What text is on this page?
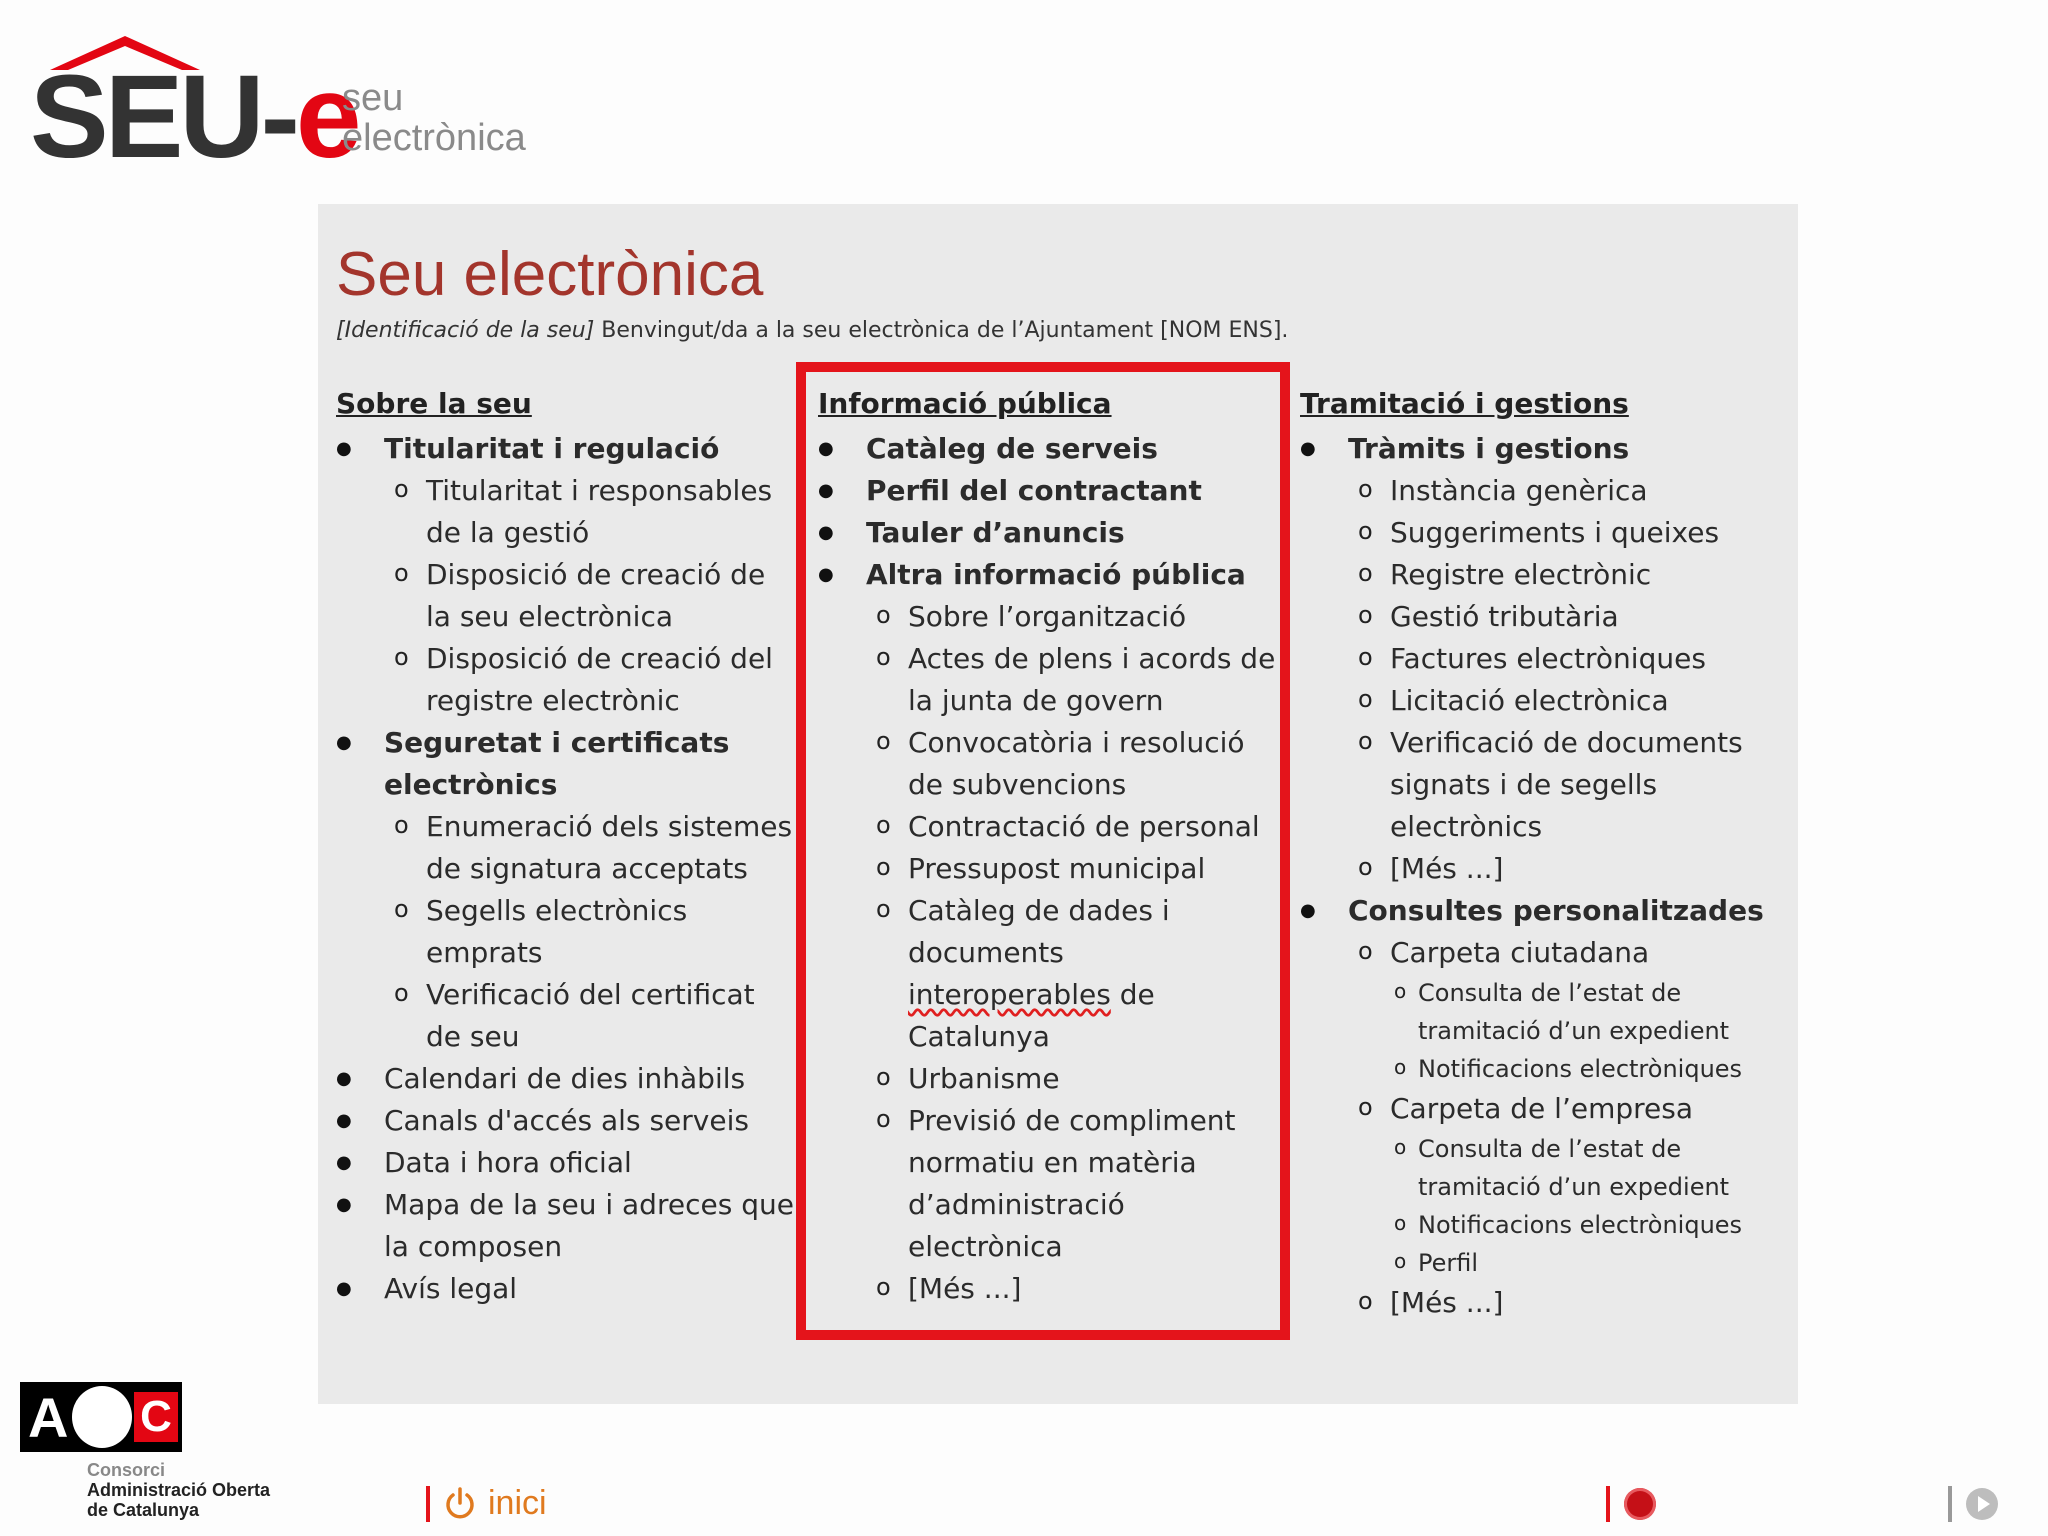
SEU-e
seu
electrònica
Seu electrònica
[Identificació de la seu] Benvingut/da a la seu electrònica de l’Ajuntament [NOM ENS].
Sobre la seu
● Titularitat i regulació
o Titularitat i responsables de la gestió
o Disposició de creació de la seu electrònica
o Disposició de creació del registre electrònic
● Seguretat i certificats electrònics
o Enumeració dels sistemes de signatura acceptats
o Segells electrònics emprats
o Verificació del certificat de seu
● Calendari de dies inhàbils
● Canals d'accés als serveis
● Data i hora oficial
● Mapa de la seu i adreces que la composen
● Avís legal
Informació pública
● Catàleg de serveis
● Perfil del contractant
● Tauler d’anuncis
● Altra informació pública
o Sobre l’organització
o Actes de plens i acords de la junta de govern
o Convocatòria i resolució de subvencions
o Contractació de personal
o Pressupost municipal
o Catàleg de dades i documents
interoperables de Catalunya
o Urbanisme
o Previsió de compliment normatiu en matèria d’administració electrònica
o [Més ...]
Tramitació i gestions
● Tràmits i gestions
o Instància genèrica
o Suggeriments i queixes
o Registre electrònic
o Gestió tributària
o Factures electròniques
o Licitació electrònica
o Verificació de documents signats i de segells electrònics
o [Més ...]
● Consultes personalitzades
o Carpeta ciutadana
o Consulta de l’estat de tramitació d’un expedient
o Notificacions electròniques
o Carpeta de l’empresa
o Consulta de l’estat de tramitació d’un expedient
o Notificacions electròniques
o Perfil
o [Més ...]
A C
Consorci
Administració Oberta
de Catalunya	inici
